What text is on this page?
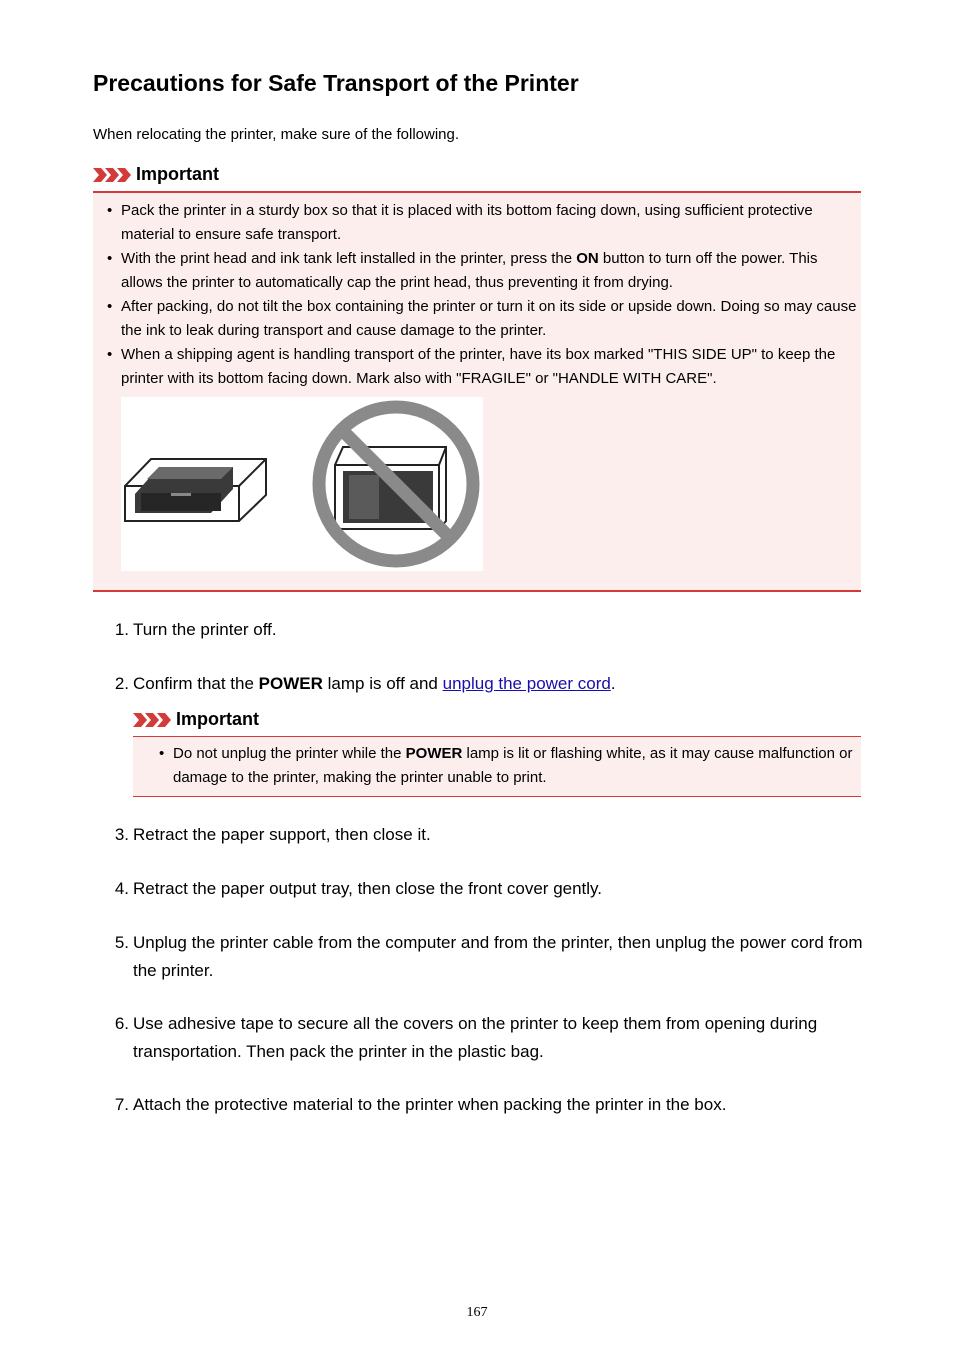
Precautions for Safe Transport of the Printer

When relocating the printer, make sure of the following.

Important
• Pack the printer in a sturdy box so that it is placed with its bottom facing down, using sufficient protective material to ensure safe transport.
• With the print head and ink tank left installed in the printer, press the ON button to turn off the power. This allows the printer to automatically cap the print head, thus preventing it from drying.
• After packing, do not tilt the box containing the printer or turn it on its side or upside down. Doing so may cause the ink to leak during transport and cause damage to the printer.
• When a shipping agent is handling transport of the printer, have its box marked "THIS SIDE UP" to keep the printer with its bottom facing down. Mark also with "FRAGILE" or "HANDLE WITH CARE".
1. Turn the printer off.
2. Confirm that the POWER lamp is off and unplug the power cord.
3. Retract the paper support, then close it.
4. Retract the paper output tray, then close the front cover gently.
5. Unplug the printer cable from the computer and from the printer, then unplug the power cord from the printer.
6. Use adhesive tape to secure all the covers on the printer to keep them from opening during transportation. Then pack the printer in the plastic bag.
7. Attach the protective material to the printer when packing the printer in the box.
Important
• Do not unplug the printer while the POWER lamp is lit or flashing white, as it may cause malfunction or damage to the printer, making the printer unable to print.
167
